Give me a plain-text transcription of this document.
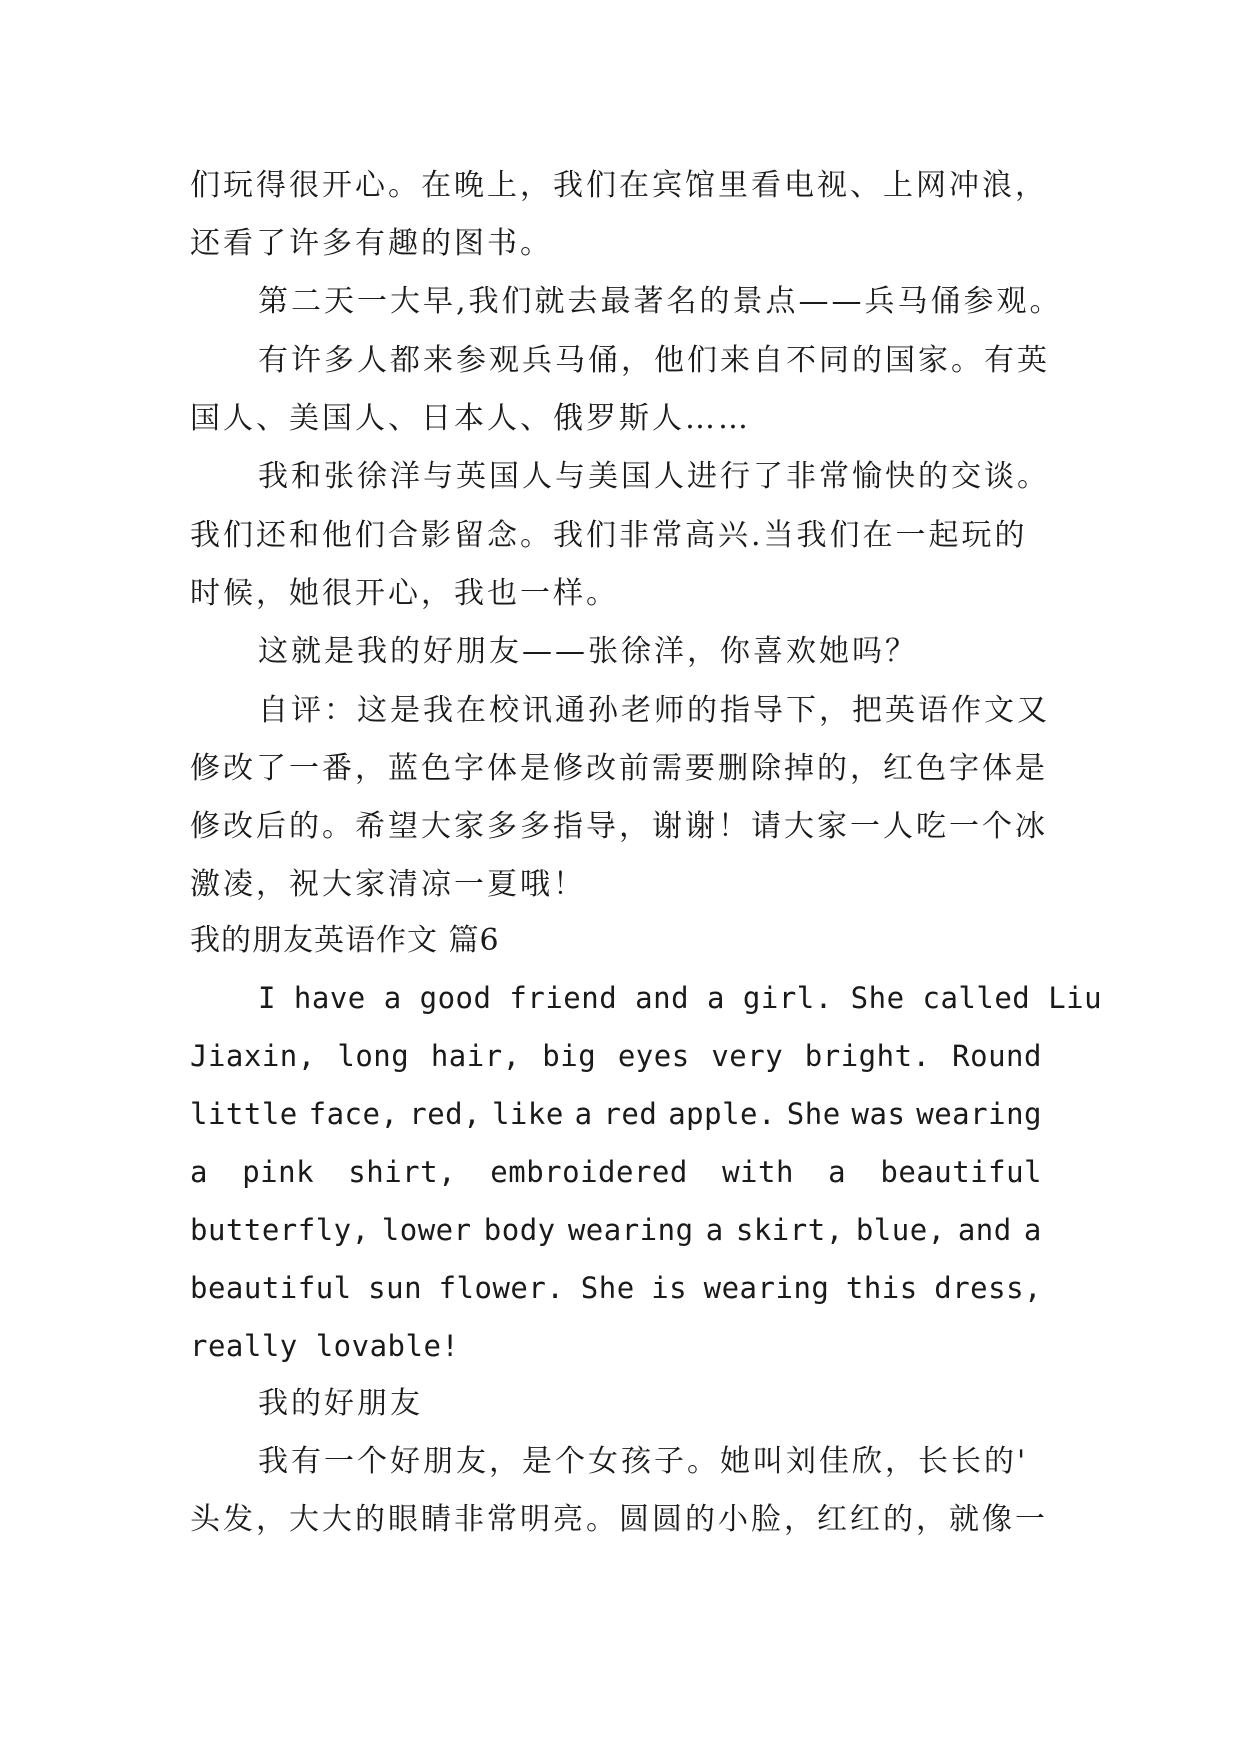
们玩得很开心。在晚上，我们在宾馆里看电视、上网冲浪，
还看了许多有趣的图书。
第二天一大早,我们就去最著名的景点——兵马俑参观。
有许多人都来参观兵马俑，他们来自不同的国家。有英
国人、美国人、日本人、俄罗斯人……
我和张徐洋与英国人与美国人进行了非常愉快的交谈。
我们还和他们合影留念。我们非常高兴.当我们在一起玩的
时候，她很开心，我也一样。
这就是我的好朋友——张徐洋，你喜欢她吗？
自评：这是我在校讯通孙老师的指导下，把英语作文又
修改了一番，蓝色字体是修改前需要删除掉的，红色字体是
修改后的。希望大家多多指导，谢谢！请大家一人吃一个冰
激凌，祝大家清凉一夏哦！
我的朋友英语作文 篇6
I have a good friend and a girl. She called Liu
Jiaxin, long hair, big eyes very bright. Round
little face, red, like a red apple. She was wearing
a pink shirt, embroidered with a beautiful
butterfly, lower body wearing a skirt, blue, and a
beautiful sun flower. She is wearing this dress,
really lovable!
我的好朋友
我有一个好朋友，是个女孩子。她叫刘佳欣，长长的'
头发，大大的眼睛非常明亮。圆圆的小脸，红红的，就像一
